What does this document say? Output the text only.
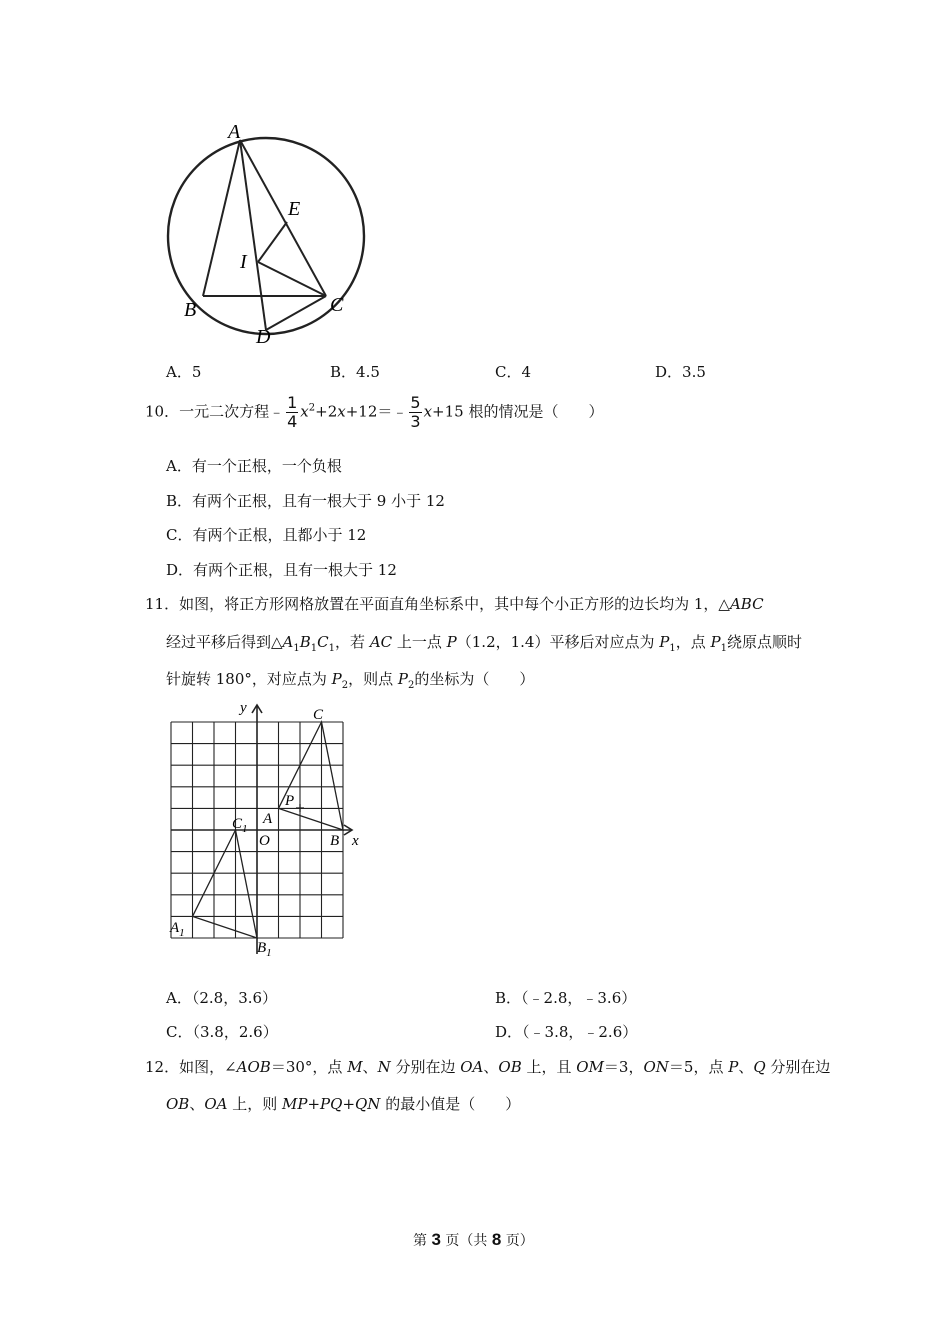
A
B	C
D
E
I
A．5	B．4.5	C．4	D．3.5
10．一元二次方程﹣ $\frac{1}{4}$ $x^2+2x+12=﹣ \frac{5}{3} x+15$ 根的情况是（　　）
A．有一个正根，一个负根
B．有两个正根，且有一根大于 9 小于 12
C．有两个正根，且都小于 12
D．有两个正根，且有一根大于 12
11．如图，将正方形网格放置在平面直角坐标系中，其中每个小正方形的边长均为 1，△ABC
经过平移后得到$\triangle A_1B_1C_1$，若 AC 上一点 P（1.2，1.4）平移后对应点为 $P_1$，点 $P_1$绕原点顺时
针旋转 180°，对应点为 $P_2$，则点 $P_2$的坐标为（　　）
y
x
O
A
B
C
P
$A_1$
$B_1$
$C_1$
A．（2.8，3.6）	B．（﹣2.8，﹣3.6）
C．（3.8，2.6）	D．（﹣3.8，﹣2.6）
12．如图，∠AOB＝30°，点 M、N 分别在边 OA、OB 上，且 OM＝3，ON＝5，点 P、Q 分别在边
OB、OA 上，则 MP+PQ+QN 的最小值是（　　）
第 3 页（共 8 页）
